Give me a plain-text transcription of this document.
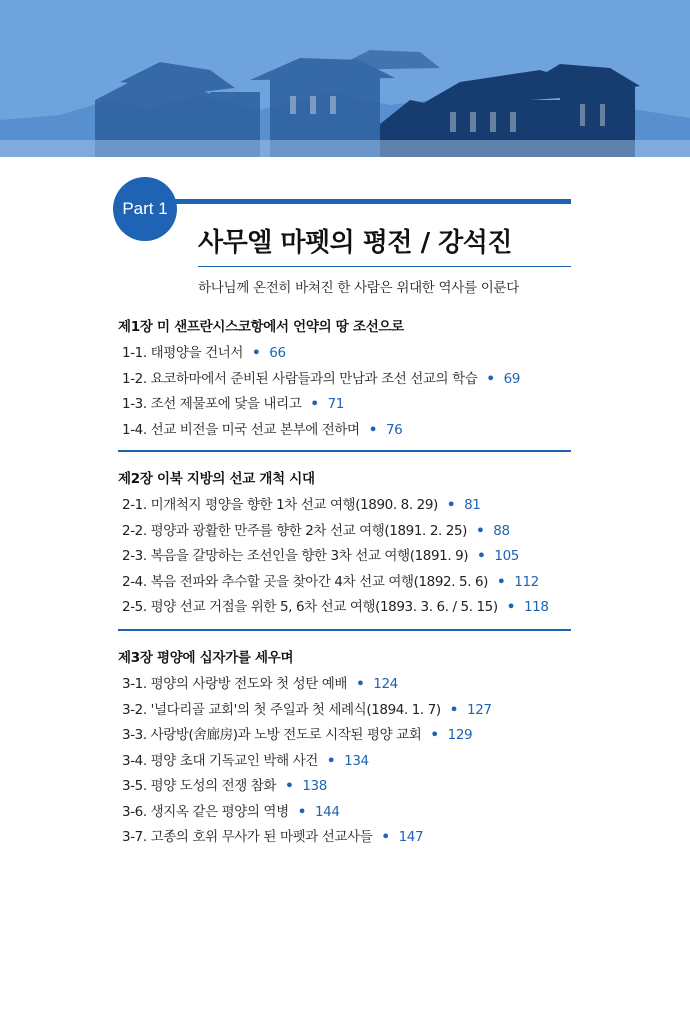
Part 1
사무엘 마펫의 평전 / 강석진
하나님께 온전히 바쳐진 한 사람은 위대한 역사를 이룬다
제1장 미 샌프란시스코항에서 언약의 땅 조선으로
1-1. 태평양을 건너서 • 66
1-2. 요코하마에서 준비된 사람들과의 만남과 조선 선교의 학습 • 69
1-3. 조선 제물포에 닻을 내리고 • 71
1-4. 선교 비전을 미국 선교 본부에 전하며 • 76
제2장 이북 지방의 선교 개척 시대
2-1. 미개척지 평양을 향한 1차 선교 여행(1890. 8. 29) • 81
2-2. 평양과 광활한 만주를 향한 2차 선교 여행(1891. 2. 25) • 88
2-3. 복음을 갈망하는 조선인을 향한 3차 선교 여행(1891. 9) • 105
2-4. 복음 전파와 추수할 곳을 찾아간 4차 선교 여행(1892. 5. 6) • 112
2-5. 평양 선교 거점을 위한 5, 6차 선교 여행(1893. 3. 6. / 5. 15) • 118
제3장 평양에 십자가를 세우며
3-1. 평양의 사랑방 전도와 첫 성탄 예배 • 124
3-2. '널다리골 교회'의 첫 주일과 첫 세례식(1894. 1. 7) • 127
3-3. 사랑방(舍廊房)과 노방 전도로 시작된 평양 교회 • 129
3-4. 평양 초대 기독교인 박해 사건 • 134
3-5. 평양 도성의 전쟁 참화 • 138
3-6. 생지옥 같은 평양의 역병 • 144
3-7. 고종의 호위 무사가 된 마펫과 선교사들 • 147
